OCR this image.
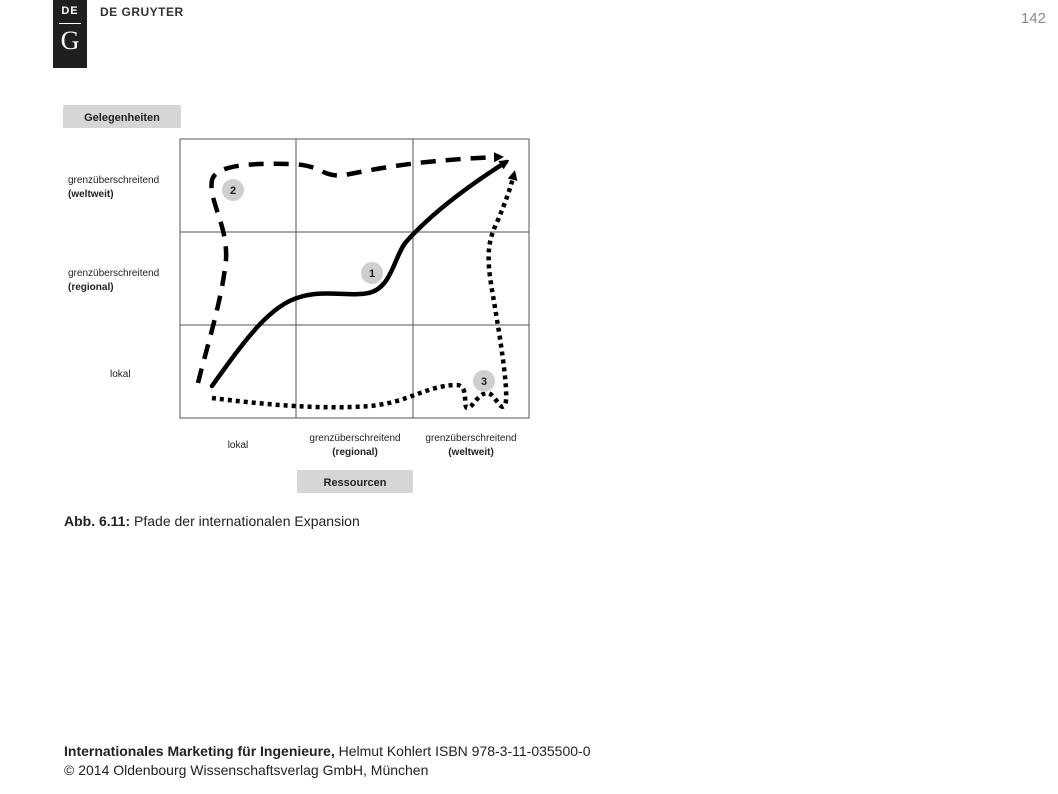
DE
G
DE GRUYTER	142
Gelegenheiten
Ressourcen
grenzüberschreitend
(weltweit)
grenzüberschreitend
(regional)
lokal
lokal
grenzüberschreitend
(regional)
grenzüberschreitend
(weltweit)
2
1
3
Abb. 6.11: Pfade der internationalen Expansion
Internationales Marketing für Ingenieure, Helmut Kohlert ISBN 978-3-11-035500-0
© 2014 Oldenbourg Wissenschaftsverlag GmbH, München
